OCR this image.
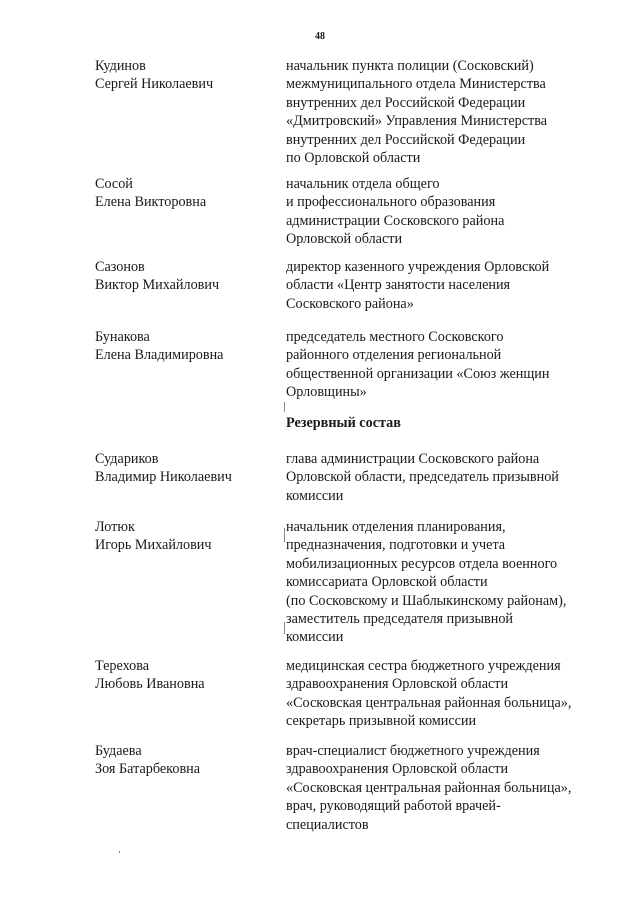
48
Кудинов
Сергей Николаевич
начальник пункта полиции (Сосковский)
межмуниципального отдела Министерства
внутренних дел Российской Федерации
«Дмитровский» Управления Министерства
внутренних дел Российской Федерации
по Орловской области
Сосой
Елена Викторовна
начальник отдела общего
и профессионального образования
администрации Сосковского района
Орловской области
Сазонов
Виктор Михайлович
директор казенного учреждения Орловской
области «Центр занятости населения
Сосковского района»
Бунакова
Елена Владимировна
председатель местного Сосковского
районного отделения региональной
общественной организации «Союз женщин
Орловщины»
Резервный состав
Судариков
Владимир Николаевич
глава администрации Сосковского района
Орловской области, председатель призывной
комиссии
Лотюк
Игорь Михайлович
начальник отделения планирования,
предназначения, подготовки и учета
мобилизационных ресурсов отдела военного
комиссариата Орловской области
(по Сосковскому и Шаблыкинскому районам),
заместитель председателя призывной
комиссии
Терехова
Любовь Ивановна
медицинская сестра бюджетного учреждения
здравоохранения Орловской области
«Сосковская центральная районная больница»,
секретарь призывной комиссии
Будаева
Зоя Батарбековна
врач-специалист бюджетного учреждения
здравоохранения Орловской области
«Сосковская центральная районная больница»,
врач, руководящий работой врачей-
специалистов
